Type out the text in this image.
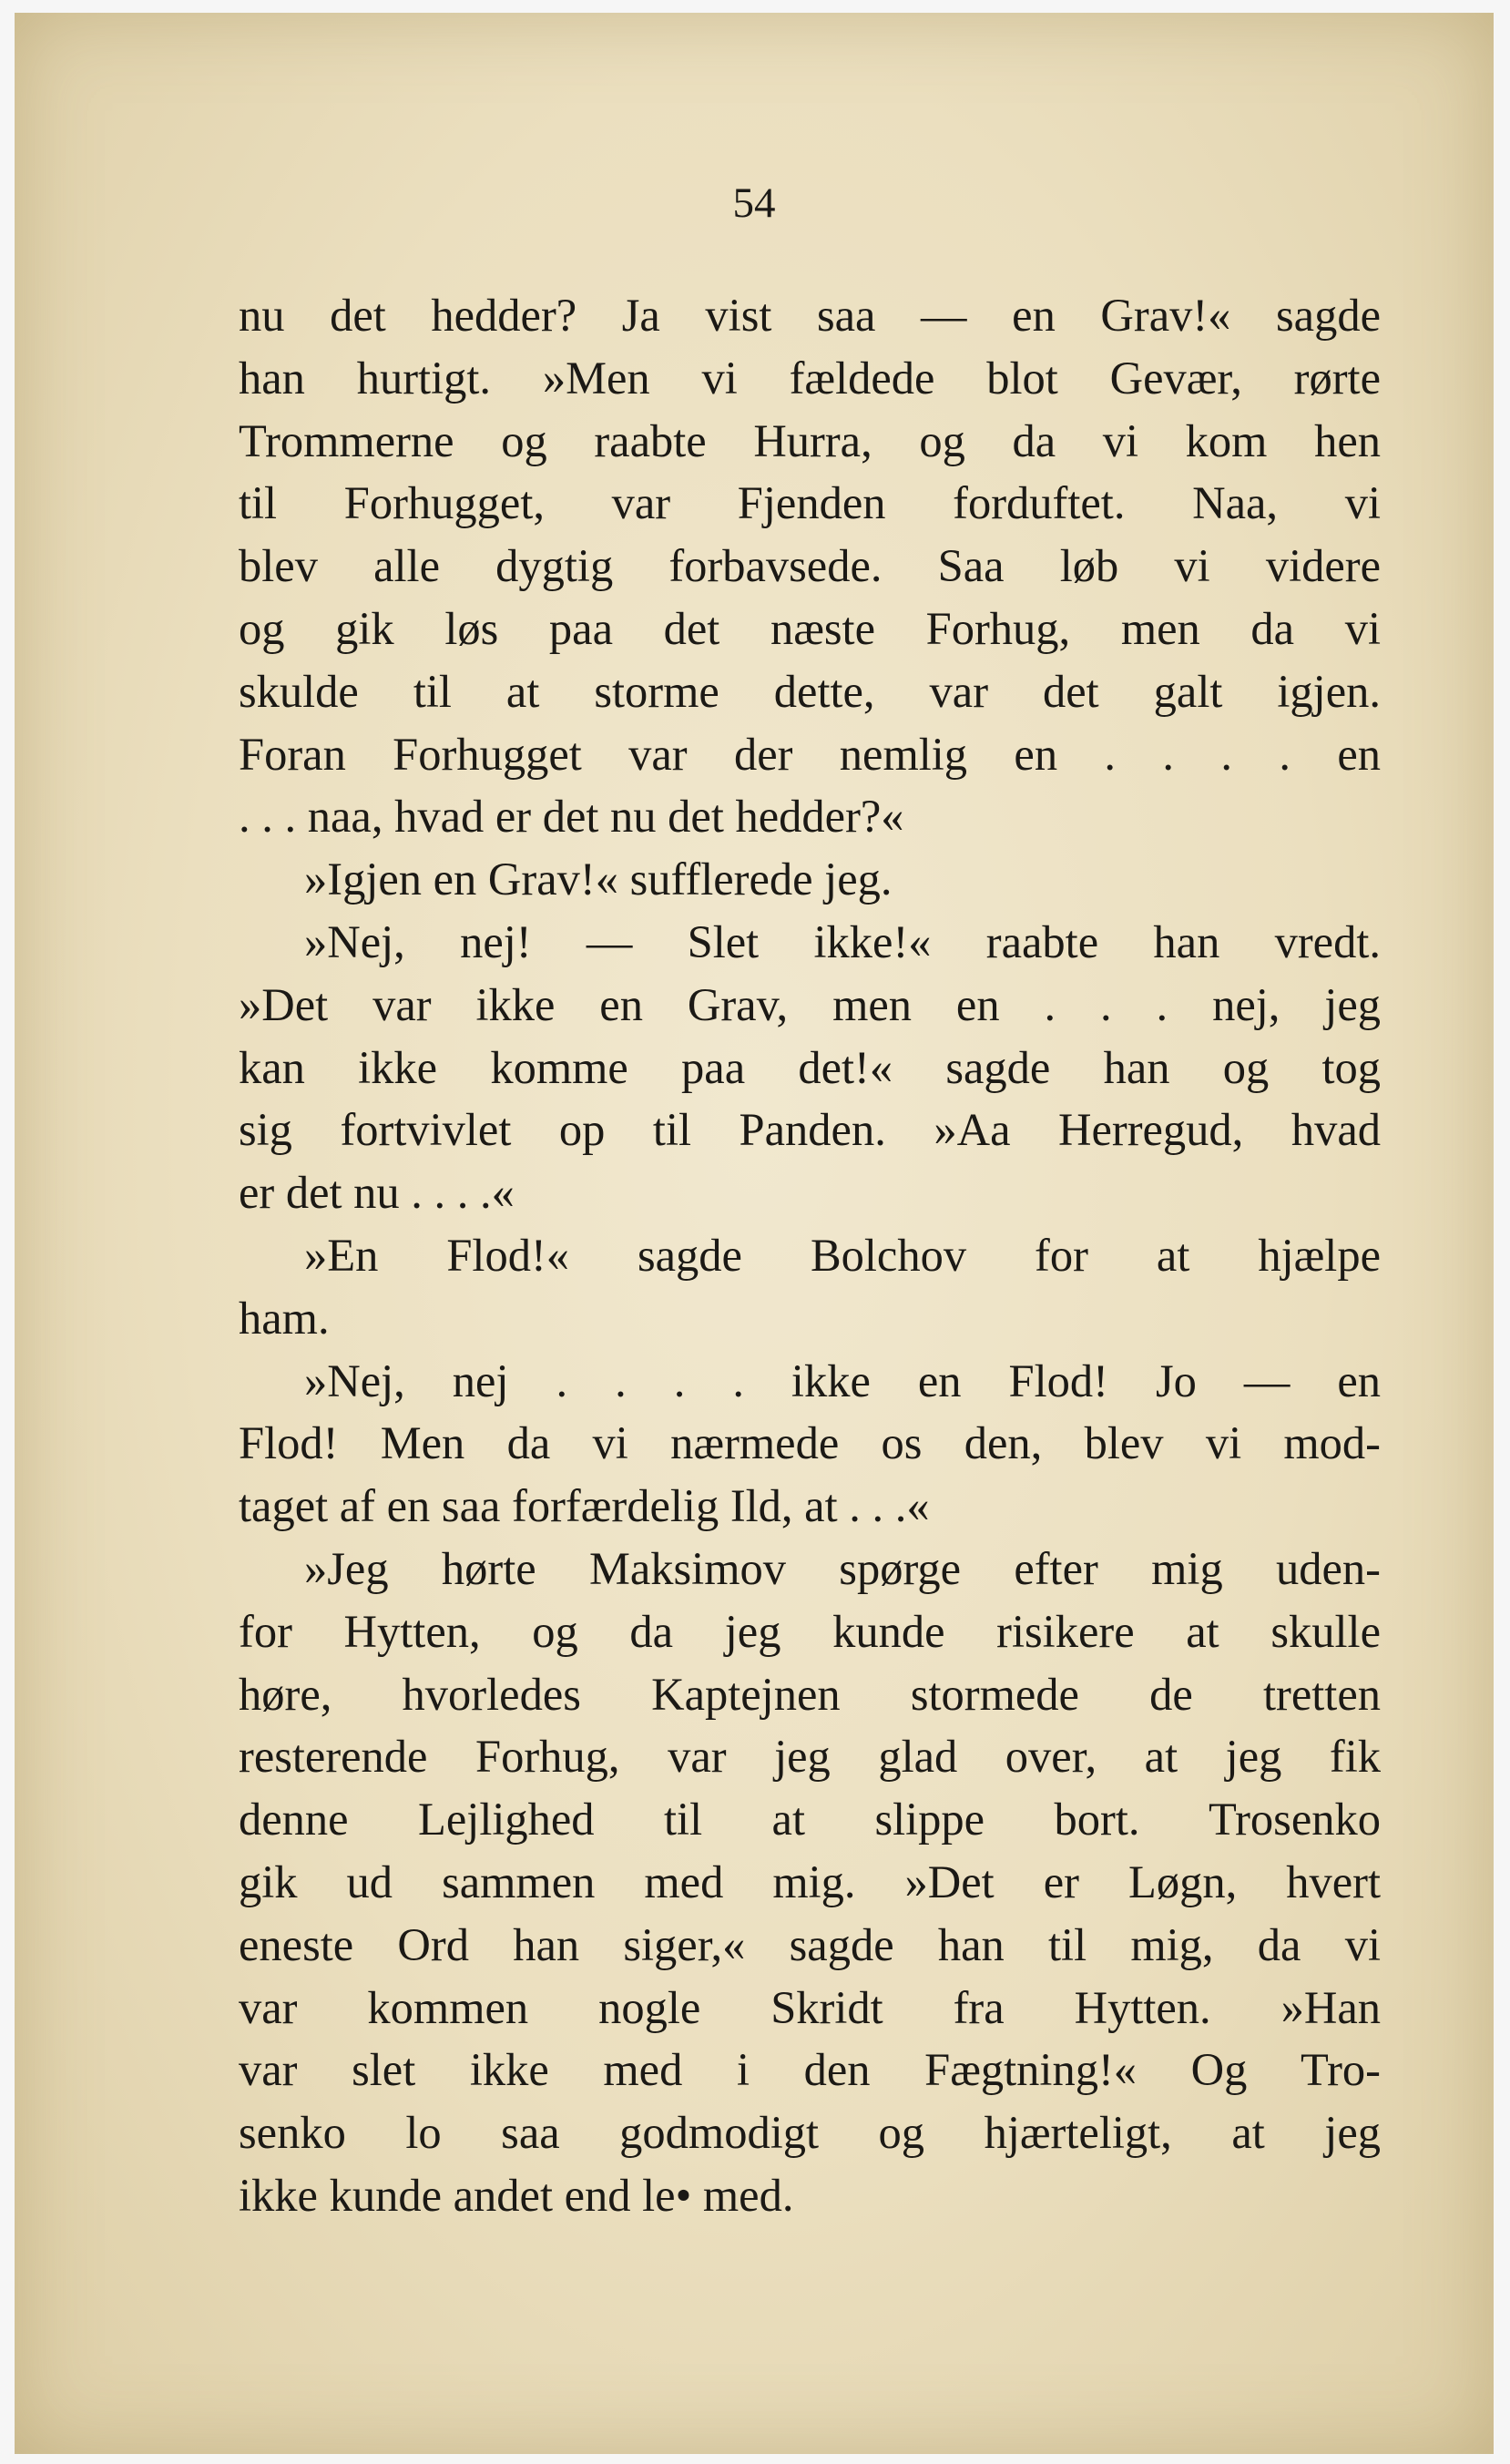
54
nu det hedder? Ja vist saa — en Grav!« sagde
han hurtigt. »Men vi fældede blot Gevær, rørte
Trommerne og raabte Hurra, og da vi kom hen
til Forhugget, var Fjenden forduftet. Naa, vi
blev alle dygtig forbavsede. Saa løb vi videre
og gik løs paa det næste Forhug, men da vi
skulde til at storme dette, var det galt igjen.
Foran Forhugget var der nemlig en . . . . en
. . . naa, hvad er det nu det hedder?«
»Igjen en Grav!« sufflerede jeg.
»Nej, nej! — Slet ikke!« raabte han vredt.
»Det var ikke en Grav, men en . . . nej, jeg
kan ikke komme paa det!« sagde han og tog
sig fortvivlet op til Panden. »Aa Herregud, hvad
er det nu . . . .«
»En Flod!« sagde Bolchov for at hjælpe
ham.
»Nej, nej . . . . ikke en Flod! Jo — en
Flod! Men da vi nærmede os den, blev vi mod-
taget af en saa forfærdelig Ild, at . . .«
»Jeg hørte Maksimov spørge efter mig uden-
for Hytten, og da jeg kunde risikere at skulle
høre, hvorledes Kaptejnen stormede de tretten
resterende Forhug, var jeg glad over, at jeg fik
denne Lejlighed til at slippe bort. Trosenko
gik ud sammen med mig. »Det er Løgn, hvert
eneste Ord han siger,« sagde han til mig, da vi
var kommen nogle Skridt fra Hytten. »Han
var slet ikke med i den Fægtning!« Og Tro-
senko lo saa godmodigt og hjærteligt, at jeg
ikke kunde andet end le• med.
